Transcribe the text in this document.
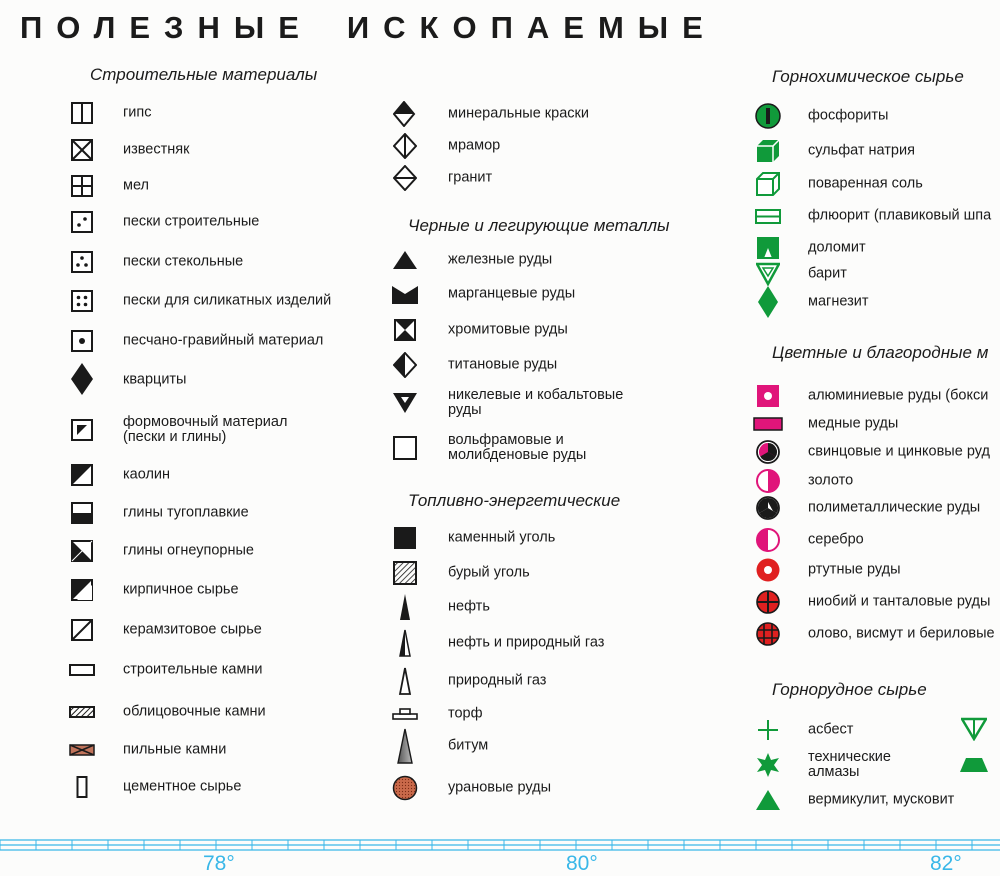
ПОЛЕЗНЫЕ ИСКОПАЕМЫЕ
Строительные материалы
гипс
известняк
мел
пески строительные
пески стекольные
пески для силикатных изделий
песчано-гравийный материал
кварциты
формовочный материал
(пески и глины)
каолин
глины тугоплавкие
глины огнеупорные
кирпичное сырье
керамзитовое сырье
строительные камни
облицовочные камни
пильные камни
цементное сырье
минеральные краски
мрамор
гранит
Черные и легирующие металлы
железные руды
марганцевые руды
хромитовые руды
титановые руды
никелевые и кобальтовые
руды
вольфрамовые и
молибденовые руды
Топливно-энергетические
каменный уголь
бурый уголь
нефть
нефть и природный газ
природный газ
торф
битум
урановые руды
Горнохимическое сырье
фосфориты
сульфат натрия
поваренная соль
флюорит (плавиковый шпа
доломит
барит
магнезит
Цветные и благородные м
алюминиевые руды (бокси
медные руды
свинцовые и цинковые руд
золото
полиметаллические руды
серебро
ртутные руды
ниобий и танталовые руды
олово, висмут и бериловые
Горнорудное сырье
асбест
технические
алмазы
вермикулит, мусковит
78°	80°	82°
